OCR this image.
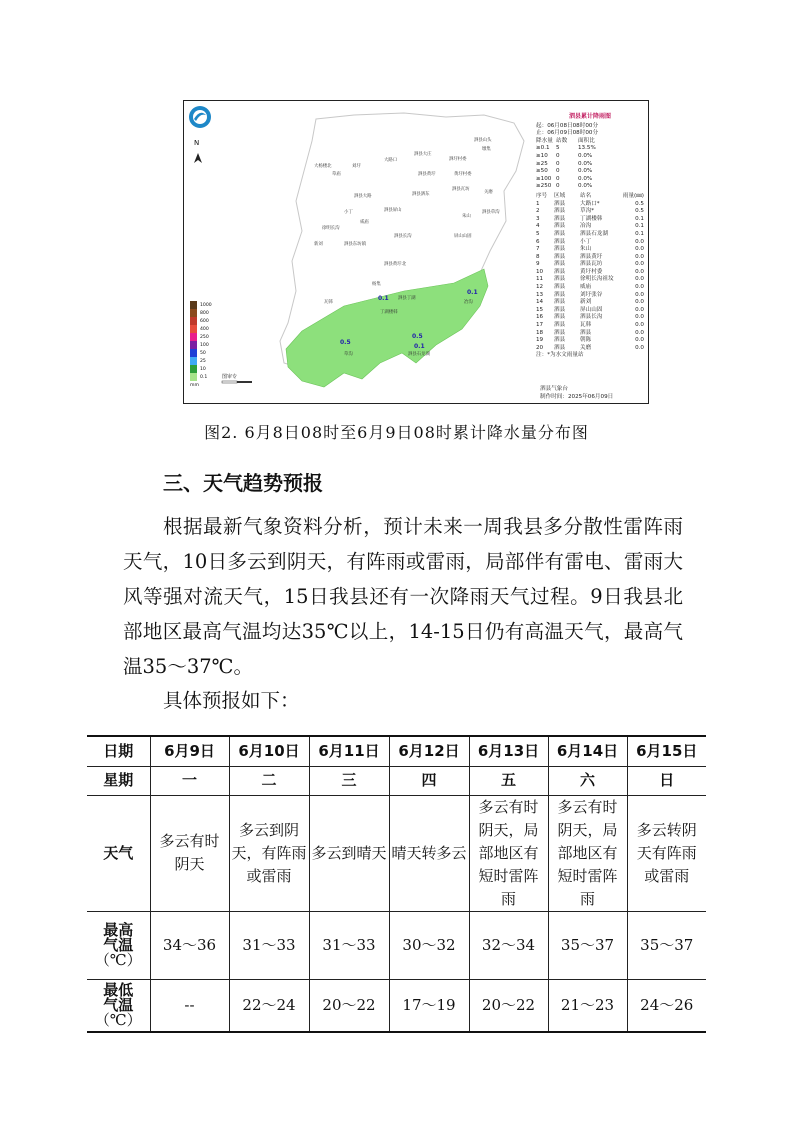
N
1000
800
600
400
250
100
50
25
10
0.1
mm
图审专
泗县山头
大路口
泗县大庄
泗圩村委
墩集
大杨楼北	刘圩
草庙	泗县黄圩
泗县瓦坊
黄圩村委
泗县泗东
泗县大路
小丁	泗县屏山
朱山
泗县草沟
徐明长沟
威庙
屏山山固
泗县长沟
新刘	泗县东坊镇
泗县黄圩北
杨集
泗县丁湖
丁湖楼韩
瓦韩	冶沟
草沟	泗县石龙湖
关磨
0.1
0.1
0.5
0.5
0.1
泗县累计降雨图
起：06月08日08时00分
止：06月09日08时00分
降水量 站数	面积比
≥0.1	5	13.5%
≥10	0	0.0%
≥25	0	0.0%
≥50	0	0.0%
≥100 0	0.0%
≥250 0	0.0%
序号	区域	站名	雨量(㎜)
1	泗县	大路口*	0.5
2	泗县	草沟*	0.5
3	泗县	丁湖楼韩	0.1
4	泗县	冶沟	0.1
5	泗县	泗县石龙湖	0.1
6	泗县	小丁	0.0
7	泗县	朱山	0.0
8	泗县	泗县黄圩	0.0
9	泗县	泗县瓦坊	0.0
10	泗县	黄圩村委	0.0
11	泗县	徐明长沟祖坟	0.0
12	泗县	威庙	0.0
13	泗县	刘圩张谷	0.0
14	泗县	新刘	0.0
15	泗县	屏山山固	0.0
16	泗县	泗县长沟	0.0
17	泗县	瓦韩	0.0
18	泗县	泗县	0.0
19	泗县	朝陈	0.0
20	泗县	关磨	0.0
注：*为水文雨量站
泗县气象台
制作时间：2025年06月09日
图2. 6月8日08时至6月9日08时累计降水量分布图
三、天气趋势预报

根据最新气象资料分析，预计未来一周我县多分散性雷阵雨天气，10日多云到阴天，有阵雨或雷雨，局部伴有雷电、雷雨大风等强对流天气，15日我县还有一次降雨天气过程。9日我县北部地区最高气温均达35℃以上，14-15日仍有高温天气，最高气温35～37℃。

具体预报如下：
日期	6月9日	6月10日	6月11日	6月12日	6月13日	6月14日	6月15日
星期	一	二	三	四	五	六	日
天气	多云有时阴天	多云到阴天，有阵雨或雷雨	多云到晴天	晴天转多云	多云有时阴天，局部地区有短时雷阵雨	多云有时阴天，局部地区有短时雷阵雨	多云转阴天有阵雨或雷雨

最高
气温
（℃）	34～36	31～33	31～33	30～32	32～34	35～37	35～37

最低
气温
（℃）	--	22～24	20～22	17～19	20～22	21～23	24～26
